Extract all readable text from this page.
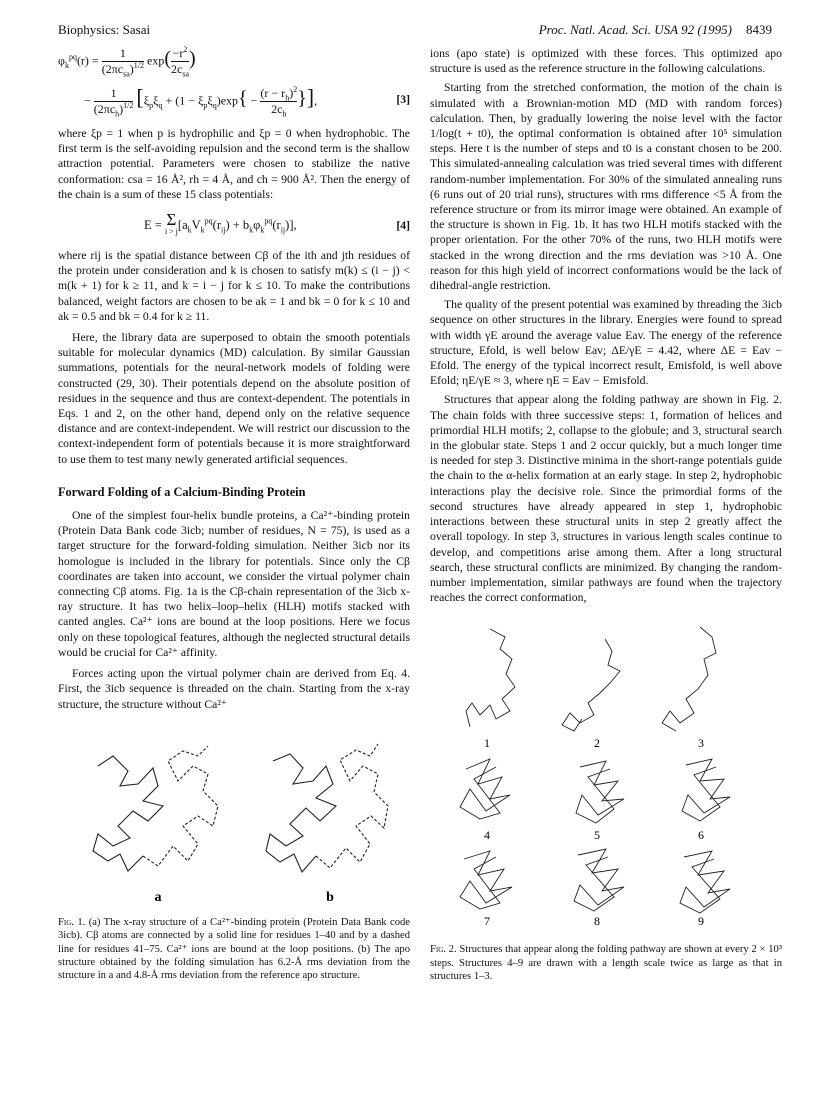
Biophysics: Sasai	Proc. Natl. Acad. Sci. USA 92 (1995) 8439
$\varphi_k^{pq}(r)$ =
1
$(2\pi c_{sa})^{1/2}$ $\exp( -r^2$
$2c_{sa}$
)
−
1
$(2\pi c_h)^{1/2}$ [$\xi_p\xi_q + (1 - \xi_p\xi_q)\exp\{ - \frac{(r - r_h)^2}{2c_h}$ }],	[3]

where ξp = 1 when p is hydrophilic and ξp = 0 when hydrophobic. The first term is the self-avoiding repulsion and the second term is the shallow attraction potential. Parameters were chosen to stabilize the native conformation: csa = 16 Å², rh = 4 Å, and ch = 900 Å². Then the energy of the chain is a sum of these 15 class potentials:

E = Σ
i > j $[a_kV_k^{pq}(r_{ij}) + b_k\varphi_k^{pq}(r_{ij})]$,	[4]

where rij is the spatial distance between Cβ of the ith and jth residues of the protein under consideration and k is chosen to satisfy m(k) ≤ (i − j) < m(k + 1) for k ≥ 11, and k = i − j for k ≤ 10. To make the contributions balanced, weight factors are chosen to be ak = 1 and bk = 0 for k ≤ 10 and ak = 0.5 and bk = 0.4 for k ≥ 11.

Here, the library data are superposed to obtain the smooth potentials suitable for molecular dynamics (MD) calculation. By similar Gaussian summations, potentials for the neural-network models of folding were constructed (29, 30). Their potentials depend on the absolute position of residues in the sequence and thus are context-dependent. The potentials in Eqs. 1 and 2, on the other hand, depend only on the relative sequence distance and are context-independent. We will restrict our discussion to the context-independent form of potentials because it is more straightforward to use them to test many newly generated artificial sequences.

Forward Folding of a Calcium-Binding Protein

One of the simplest four-helix bundle proteins, a Ca²⁺-binding protein (Protein Data Bank code 3icb; number of residues, N = 75), is used as a target structure for the forward-folding simulation. Neither 3icb nor its homologue is included in the library for potentials. Since only the Cβ coordinates are taken into account, we consider the virtual polymer chain connecting Cβ atoms. Fig. 1a is the Cβ-chain representation of the 3icb x-ray structure. It has two helix–loop–helix (HLH) motifs stacked with canted angles. Ca²⁺ ions are bound at the loop positions. Here we focus only on these topological features, although the neglected structural details would be crucial for Ca²⁺ affinity.

Forces acting upon the virtual polymer chain are derived from Eq. 4. First, the 3icb sequence is threaded on the chain. Starting from the x-ray structure, the structure without Ca²⁺

a	b

Fig. 1. (a) The x-ray structure of a Ca²⁺-binding protein (Protein Data Bank code 3icb). Cβ atoms are connected by a solid line for residues 1–40 and by a dashed line for residues 41–75. Ca²⁺ ions are bound at the loop positions. (b) The apo structure obtained by the folding simulation has 6.2-Å rms deviation from the structure in a and 4.8-Å rms deviation from the reference apo structure.

ions (apo state) is optimized with these forces. This optimized apo structure is used as the reference structure in the following calculations.

Starting from the stretched conformation, the motion of the chain is simulated with a Brownian-motion MD (MD with random forces) calculation. Then, by gradually lowering the noise level with the factor 1/log(t + t0), the optimal conformation is obtained after 10⁵ simulation steps. Here t is the number of steps and t0 is a constant chosen to be 200. This simulated-annealing calculation was tried several times with different random-number implementation. For 30% of the simulated annealing runs (6 runs out of 20 trial runs), structures with rms difference <5 Å from the reference structure or from its mirror image were obtained. An example of the structure is shown in Fig. 1b. It has two HLH motifs stacked with the proper orientation. For the other 70% of the runs, two HLH motifs were stacked in the wrong direction and the rms deviation was >10 Å. One reason for this high yield of incorrect conformations would be the lack of dihedral-angle restriction.

The quality of the present potential was examined by threading the 3icb sequence on other structures in the library. Energies were found to spread with width γE around the average value Eav. The energy of the reference structure, Efold, is well below Eav; ΔE/γE = 4.42, where ΔE = Eav − Efold. The energy of the typical incorrect result, Emisfold, is well above Efold; ηE/γE ≈ 3, where ηE = Eav − Emisfold.

Structures that appear along the folding pathway are shown in Fig. 2. The chain folds with three successive steps: 1, formation of helices and primordial HLH motifs; 2, collapse to the globule; and 3, structural search in the globular state. Steps 1 and 2 occur quickly, but a much longer time is needed for step 3. Distinctive minima in the short-range potentials guide the chain to the α-helix formation at an early stage. In step 2, hydrophobic interactions play the decisive role. Since the primordial forms of the second structures have already appeared in step 1, hydrophobic interactions between these structural units in step 2 greatly affect the overall topology. In step 3, structures in various length scales continue to develop, and competitions arise among them. After a long structural search, these structural conflicts are minimized. By changing the random-number implementation, similar pathways are found when the trajectory reaches the correct conformation,

1	2	3
4	5	6
7	8	9

Fig. 2. Structures that appear along the folding pathway are shown at every 2 × 10³ steps. Structures 4–9 are drawn with a length scale twice as large as that in structures 1–3.
